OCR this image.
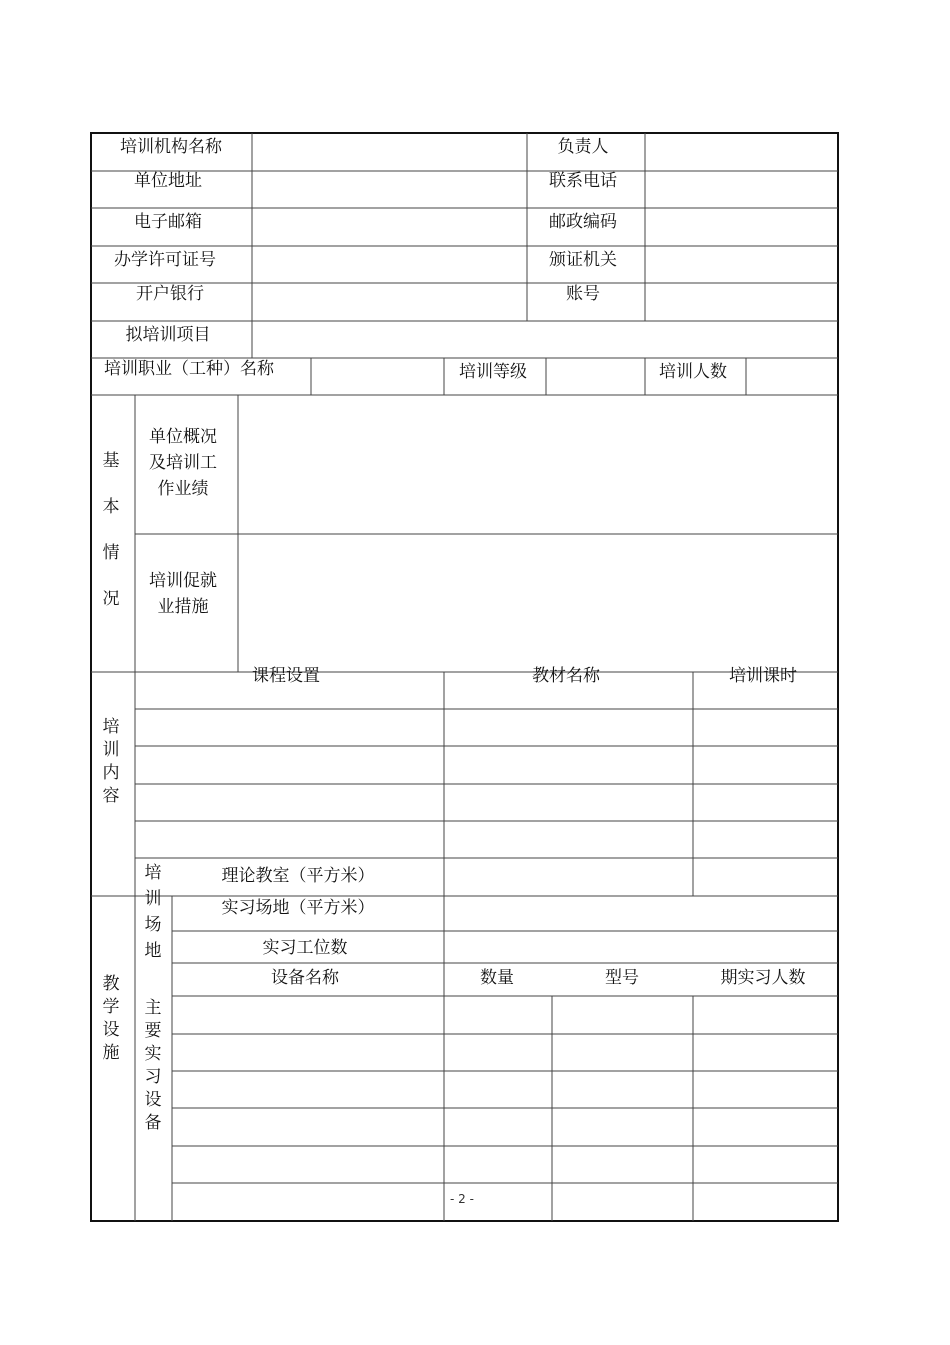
培训机构名称	负责人
单位地址	联系电话
电子邮箱	邮政编码
办学许可证号	颁证机关
开户银行	账号
拟培训项目
培训职业（工种）名称	培训等级	培训人数
基
本
情
况
单位概况及培训工作业绩
培训促就业措施
培
训
内
容
课程设置	教材名称	培训课时
教
学
设
施
培
训
场
地
理论教室（平方米）
实习场地（平方米）
实习工位数
设备名称	数量	型号	期实习人数
主
要
实
习
设
备
- 2 -
